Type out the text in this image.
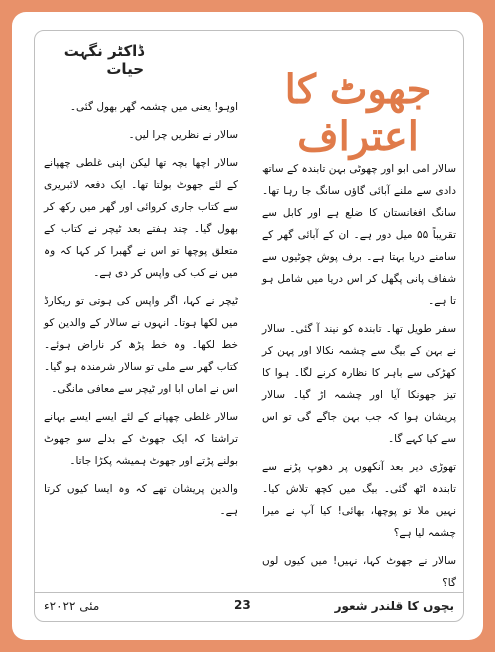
ڈاکٹر نگہت حیات	جھوٹ کا اعتراف

سالار امی ابو اور چھوٹی بہن تابندہ کے ساتھ دادی سے ملنے آبائی گاؤں سانگ جا رہا تھا۔ سانگ افغانستان کا ضلع ہے اور کابل سے تقریباً ۵۵ میل دور ہے۔ ان کے آبائی گھر کے سامنے دریا بہتا ہے۔ برف پوش چوٹیوں سے شفاف پانی پگھل کر اس دریا میں شامل ہو تا ہے۔

سفر طویل تھا۔ تابندہ کو نیند آ گئی۔ سالار نے بہن کے بیگ سے چشمہ نکالا اور پہن کر کھڑکی سے باہر کا نظارہ کرنے لگا۔ ہوا کا تیز جھونکا آیا اور چشمہ اڑ گیا۔ سالار پریشان ہوا کہ جب بہن جاگے گی تو اس سے کیا کہے گا۔

تھوڑی دیر بعد آنکھوں پر دھوپ پڑنے سے تابندہ اٹھ گئی۔ بیگ میں کچھ تلاش کیا۔ نہیں ملا تو پوچھا، بھائی! کیا آپ نے میرا چشمہ لیا ہے؟

سالار نے جھوٹ کہا، نہیں! میں کیوں لوں گا؟

اوہو! یعنی میں چشمہ گھر بھول گئی۔

سالار نے نظریں چرا لیں۔

سالار اچھا بچہ تھا لیکن اپنی غلطی چھپانے کے لئے جھوٹ بولتا تھا۔ ایک دفعہ لائبریری سے کتاب جاری کروائی اور گھر میں رکھ کر بھول گیا۔ چند ہفتے بعد ٹیچر نے کتاب کے متعلق پوچھا تو اس نے گھبرا کر کہا کہ وہ میں نے کب کی واپس کر دی ہے۔

ٹیچر نے کہا، اگر واپس کی ہوتی تو ریکارڈ میں لکھا ہوتا۔ انہوں نے سالار کے والدین کو خط لکھا۔ وہ خط پڑھ کر ناراض ہوئے۔ کتاب گھر سے ملی تو سالار شرمندہ ہو گیا۔ اس نے اماں ابا اور ٹیچر سے معافی مانگی۔

سالار غلطی چھپانے کے لئے ایسے ایسے بہانے تراشتا کہ ایک جھوٹ کے بدلے سو جھوٹ بولنے پڑتے اور جھوٹ ہمیشہ پکڑا جاتا۔

والدین پریشان تھے کہ وہ ایسا کیوں کرتا ہے۔

بچوں کا قلندر شعور
23
مئی ۲۰۲۲ء
